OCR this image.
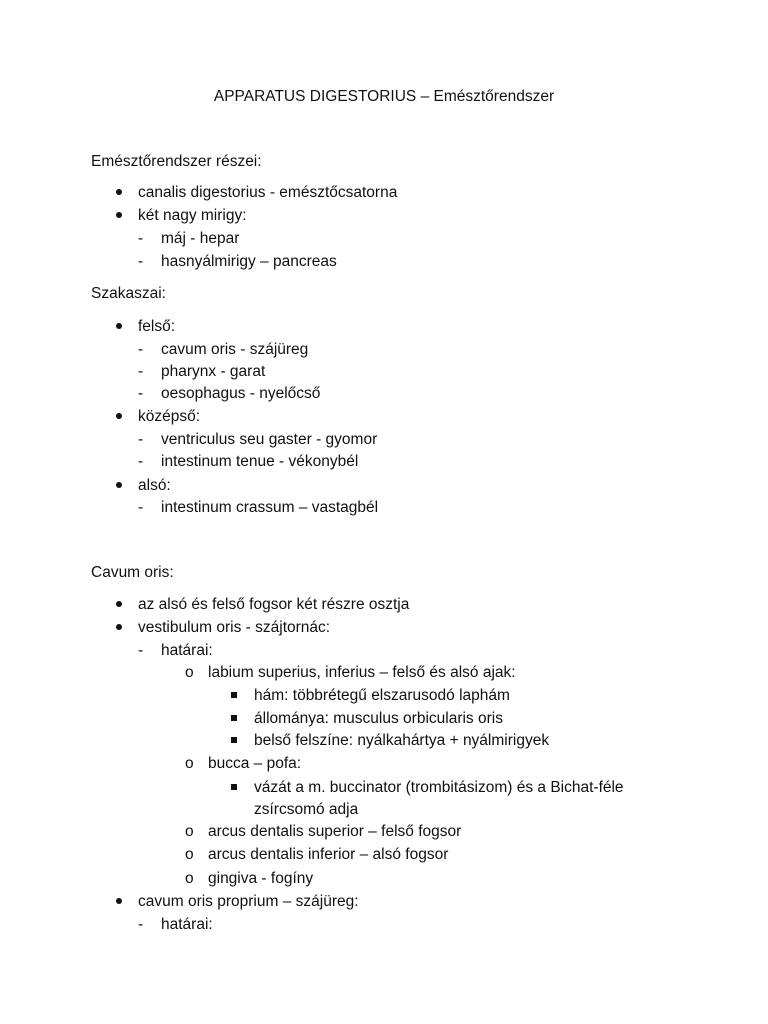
APPARATUS DIGESTORIUS – Emésztőrendszer
Emésztőrendszer részei:
canalis digestorius - emésztőcsatorna
két nagy mirigy:
- máj - hepar
- hasnyálmirigy – pancreas
Szakaszai:
felső:
- cavum oris - szájüreg
- pharynx - garat
- oesophagus - nyelőcső
középső:
- ventriculus seu gaster - gyomor
- intestinum tenue - vékonybél
alsó:
- intestinum crassum – vastagbél
Cavum oris:
az alsó és felső fogsor két részre osztja
vestibulum oris - szájtornác:
- határai:
o labium superius, inferius – felső és alsó ajak:
hám: többrétegű elszarusodó laphám
állománya: musculus orbicularis oris
belső felszíne: nyálkahártya + nyálmirigyek
o bucca – pofa:
vázát a m. buccinator (trombitásizom) és a Bichat-féle
zsírcsomó adja
o arcus dentalis superior – felső fogsor
o arcus dentalis inferior – alsó fogsor
o gingiva - fogíny
cavum oris proprium – szájüreg:
- határai:
